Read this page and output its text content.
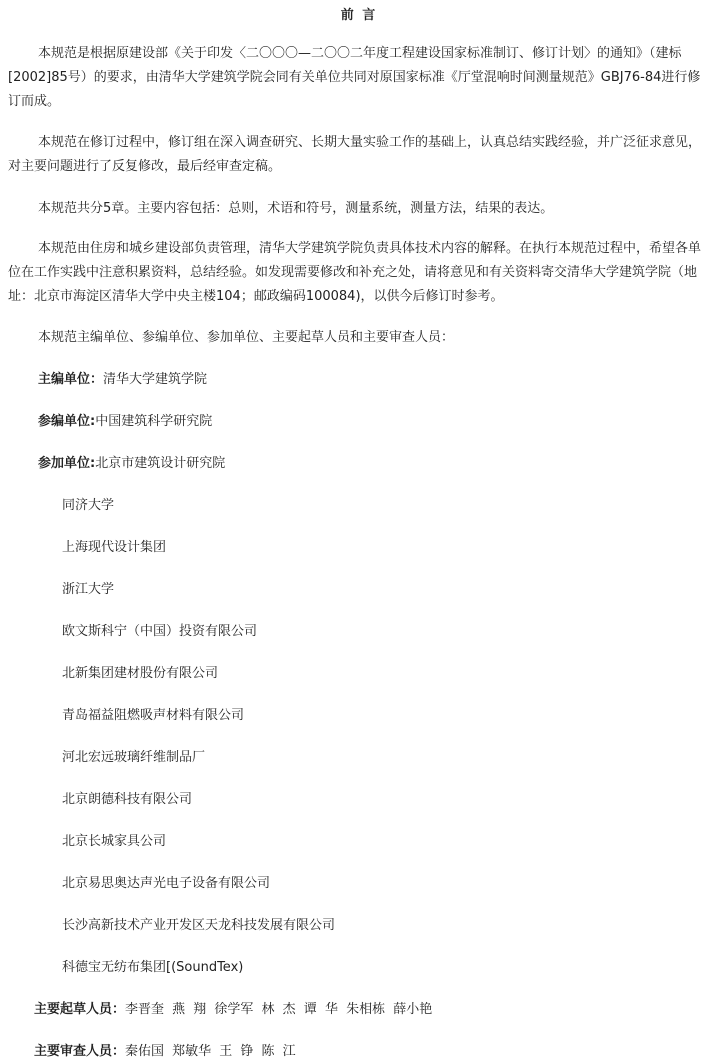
前 言

本规范是根据原建设部《关于印发〈二〇〇〇—二〇〇二年度工程建设国家标准制订、修订计划〉的通知》（建标[2002]85号）的要求，由清华大学建筑学院会同有关单位共同对原国家标准《厅堂混响时间测量规范》GBJ76-84进行修订而成。

本规范在修订过程中，修订组在深入调查研究、长期大量实验工作的基础上，认真总结实践经验，并广泛征求意见，对主要问题进行了反复修改，最后经审查定稿。

本规范共分5章。主要内容包括：总则，术语和符号，测量系统，测量方法，结果的表达。

本规范由住房和城乡建设部负责管理，清华大学建筑学院负责具体技术内容的解释。在执行本规范过程中，希望各单位在工作实践中注意积累资料，总结经验。如发现需要修改和补充之处，请将意见和有关资料寄交清华大学建筑学院（地址：北京市海淀区清华大学中央主楼104；邮政编码100084)，以供今后修订时参考。

本规范主编单位、参编单位、参加单位、主要起草人员和主要审查人员：

主编单位：清华大学建筑学院
参编单位:中国建筑科学研究院
参加单位:北京市建筑设计研究院
同济大学
上海现代设计集团
浙江大学
欧文斯科宁（中国）投资有限公司
北新集团建材股份有限公司
青岛福益阻燃吸声材料有限公司
河北宏远玻璃纤维制品厂
北京朗德科技有限公司
北京长城家具公司
北京易思奥达声光电子设备有限公司
长沙高新技术产业开发区天龙科技发展有限公司
科德宝无纺布集团[(SoundTex)
主要起草人员：李晋奎 燕 翔 徐学军 林 杰 谭 华 朱相栋 薛小艳
主要审查人员：秦佑国 郑敏华 王 铮 陈 江
